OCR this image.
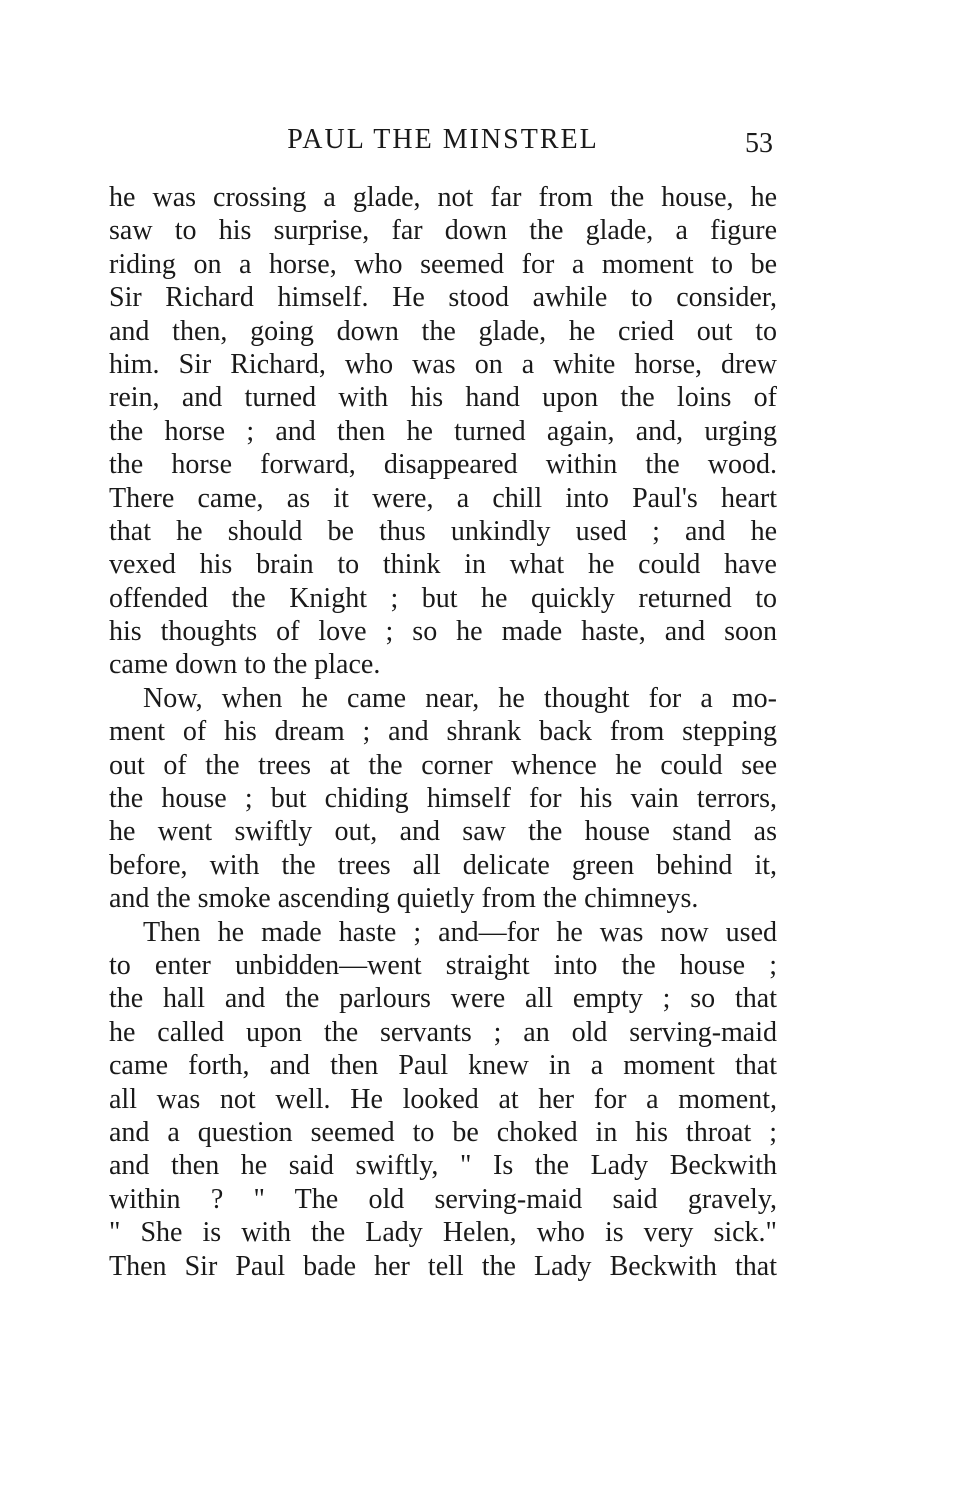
PAUL THE MINSTREL	53
he was crossing a glade, not far from the house, he
saw to his surprise, far down the glade, a figure
riding on a horse, who seemed for a moment to be
Sir Richard himself. He stood awhile to consider,
and then, going down the glade, he cried out to
him. Sir Richard, who was on a white horse, drew
rein, and turned with his hand upon the loins of
the horse ; and then he turned again, and, urging
the horse forward, disappeared within the wood.
There came, as it were, a chill into Paul's heart
that he should be thus unkindly used ; and he
vexed his brain to think in what he could have
offended the Knight ; but he quickly returned to
his thoughts of love ; so he made haste, and soon
came down to the place.
Now, when he came near, he thought for a mo-
ment of his dream ; and shrank back from stepping
out of the trees at the corner whence he could see
the house ; but chiding himself for his vain terrors,
he went swiftly out, and saw the house stand as
before, with the trees all delicate green behind it,
and the smoke ascending quietly from the chimneys.
Then he made haste ; and—for he was now used
to enter unbidden—went straight into the house ;
the hall and the parlours were all empty ; so that
he called upon the servants ; an old serving-maid
came forth, and then Paul knew in a moment that
all was not well. He looked at her for a moment,
and a question seemed to be choked in his throat ;
and then he said swiftly, " Is the Lady Beckwith
within ? " The old serving-maid said gravely,
" She is with the Lady Helen, who is very sick."
Then Sir Paul bade her tell the Lady Beckwith that
